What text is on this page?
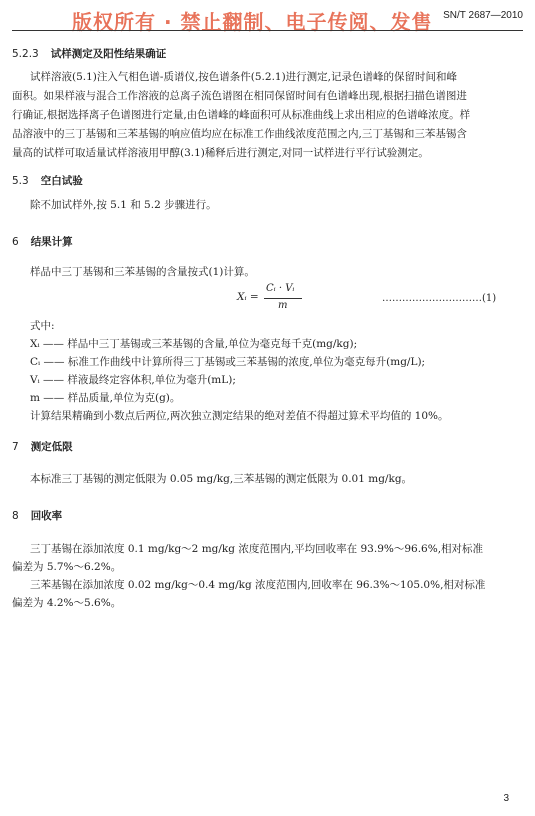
版权所有 · 禁止翻制、电子传阅、发售 SN/T 2687—2010
5.2.3 试样测定及阳性结果确证
试样溶液(5.1)注入气相色谱-质谱仪,按色谱条件(5.2.1)进行测定,记录色谱峰的保留时间和峰
面积。如果样液与混合工作溶液的总离子流色谱图在相同保留时间有色谱峰出现,根据扫描色谱图进
行确证,根据选择离子色谱图进行定量,由色谱峰的峰面积可从标准曲线上求出相应的色谱峰浓度。样
品溶液中的三丁基锡和三苯基锡的响应值均应在标准工作曲线浓度范围之内,三丁基锡和三苯基锡含
量高的试样可取适量试样溶液用甲醇(3.1)稀释后进行测定,对同一试样进行平行试验测定。
5.3 空白试验
除不加试样外,按 5.1 和 5.2 步骤进行。
6 结果计算
样品中三丁基锡和三苯基锡的含量按式(1)计算。
Xᵢ =
Cᵢ · Vᵢ
m
…………………………(1)
式中:
Xᵢ —— 样品中三丁基锡或三苯基锡的含量,单位为毫克每千克(mg/kg);
Cᵢ —— 标准工作曲线中计算所得三丁基锡或三苯基锡的浓度,单位为毫克每升(mg/L);
Vᵢ —— 样液最终定容体积,单位为毫升(mL);
m —— 样品质量,单位为克(g)。
计算结果精确到小数点后两位,两次独立测定结果的绝对差值不得超过算术平均值的 10%。
7 测定低限
本标准三丁基锡的测定低限为 0.05 mg/kg,三苯基锡的测定低限为 0.01 mg/kg。
8 回收率
三丁基锡在添加浓度 0.1 mg/kg～2 mg/kg 浓度范围内,平均回收率在 93.9%～96.6%,相对标准
偏差为 5.7%～6.2%。
三苯基锡在添加浓度 0.02 mg/kg～0.4 mg/kg 浓度范围内,回收率在 96.3%～105.0%,相对标准
偏差为 4.2%～5.6%。
3
